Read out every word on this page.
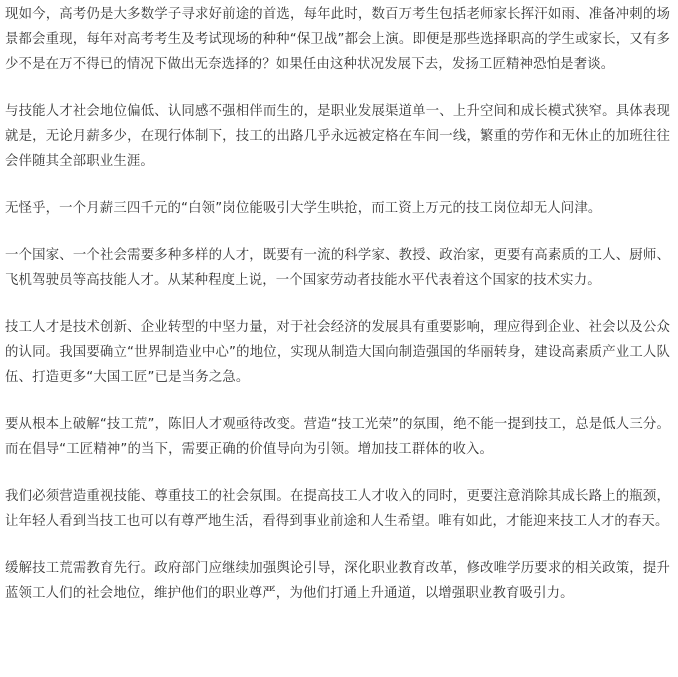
现如今，高考仍是大多数学子寻求好前途的首选，每年此时，数百万考生包括老师家长挥汗如雨、准备冲刺的场景都会重现，每年对高考考生及考试现场的种种“保卫战”都会上演。即便是那些选择职高的学生或家长，又有多少不是在万不得已的情况下做出无奈选择的？如果任由这种状况发展下去，发扬工匠精神恐怕是奢谈。

与技能人才社会地位偏低、认同感不强相伴而生的，是职业发展渠道单一、上升空间和成长模式狭窄。具体表现就是，无论月薪多少，在现行体制下，技工的出路几乎永远被定格在车间一线，繁重的劳作和无休止的加班往往会伴随其全部职业生涯。

无怪乎，一个月薪三四千元的“白领”岗位能吸引大学生哄抢，而工资上万元的技工岗位却无人问津。

一个国家、一个社会需要多种多样的人才，既要有一流的科学家、教授、政治家，更要有高素质的工人、厨师、飞机驾驶员等高技能人才。从某种程度上说，一个国家劳动者技能水平代表着这个国家的技术实力。

技工人才是技术创新、企业转型的中坚力量，对于社会经济的发展具有重要影响，理应得到企业、社会以及公众的认同。我国要确立“世界制造业中心”的地位，实现从制造大国向制造强国的华丽转身，建设高素质产业工人队伍、打造更多“大国工匠”已是当务之急。

要从根本上破解“技工荒”，陈旧人才观亟待改变。营造“技工光荣”的氛围，绝不能一提到技工，总是低人三分。而在倡导“工匠精神”的当下，需要正确的价值导向为引领。增加技工群体的收入。

我们必须营造重视技能、尊重技工的社会氛围。在提高技工人才收入的同时，更要注意消除其成长路上的瓶颈，让年轻人看到当技工也可以有尊严地生活，看得到事业前途和人生希望。唯有如此，才能迎来技工人才的春天。

缓解技工荒需教育先行。政府部门应继续加强舆论引导，深化职业教育改革，修改唯学历要求的相关政策，提升蓝领工人们的社会地位，维护他们的职业尊严，为他们打通上升通道，以增强职业教育吸引力。
